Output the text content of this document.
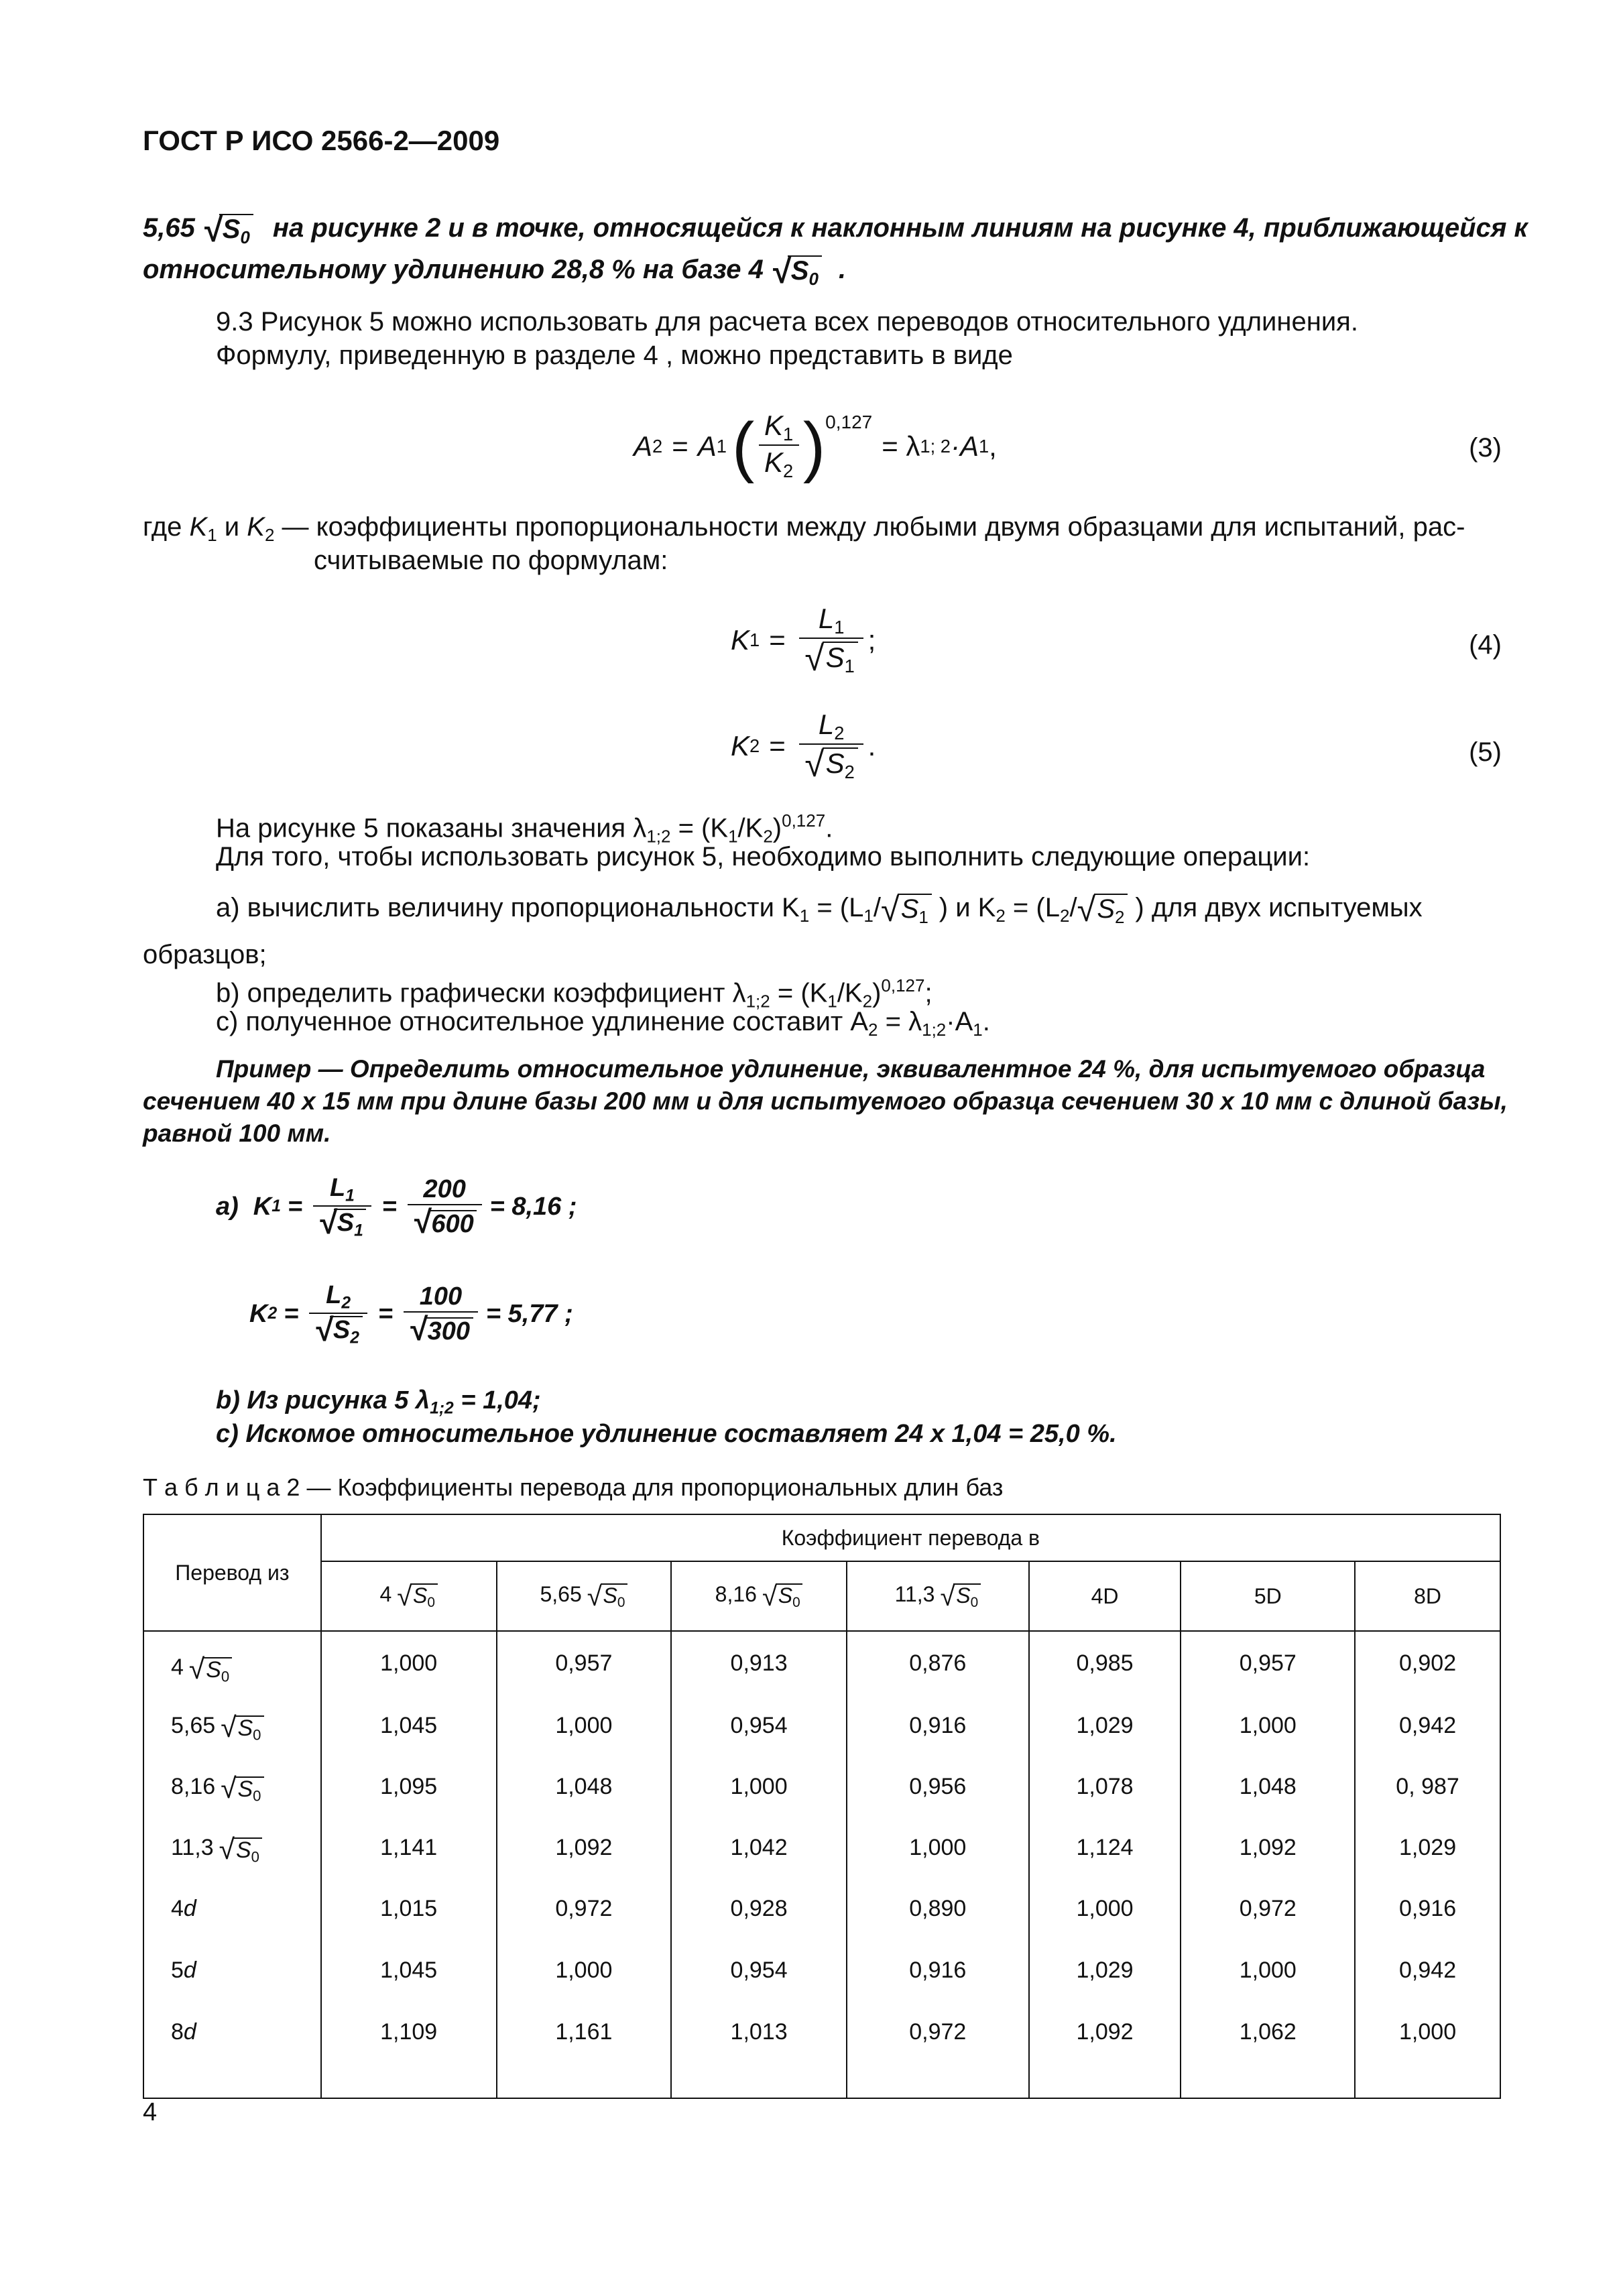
ГОСТ Р ИСО 2566-2—2009
5,65 √ $S_0$ на рисунке 2 и в точке, относящейся к наклонным линиям на рисунке 4, приближающейся к
относительному удлинению 28,8 % на базе 4 √ $S_0$ .
9.3 Рисунок 5 можно использовать для расчета всех переводов относительного удлинения.
Формулу, приведенную в разделе 4 , можно представить в виде
A 2 = A 1 ( $\frac{K_1}{K_2}$ ) 0,127
= λ 1; 2 ·A 1 ,	(3)
где $K_1$ и $K_2$ — коэффициенты пропорциональности между любыми двумя образцами для испытаний, рас-
считываемые по формулам:
K $1 = \frac{L_1}{√ S_1}$ ;	(4)
K $2 = \frac{L_2}{√ S_2}$ .	(5)
На рисунке 5 показаны значения $\lambda_{1;2} = (K_1/K_2)^{0,127}$.
Для того, чтобы использовать рисунок 5, необходимо выполнить следующие операции:
а) вычислить величину пропорциональности $K_1 = (L_1/$ √ $S_1$ ) и $K_2 = (L_2/$ √ $S_2$ ) для двух испытуемых
образцов;
b) определить графически коэффициент $\lambda_{1;2} = (K_1/K_2)^{0,127}$;
c) полученное относительное удлинение составит $A_2 = \lambda_{1;2}\cdot A_1$.
Пример — Определить относительное удлинение, эквивалентное 24 %, для испытуемого образца
сечением 40 х 15 мм при длине базы 200 мм и для испытуемого образца сечением 30 х 10 мм с длиной базы,
равной 100 мм.
а) K $1 = \frac{L_1}{√ S_1} = \frac{200}{√ 600} = 8,16$ ;
K $2 = \frac{L_2}{√ S_2} = \frac{100}{√ 300} = 5,77$ ;
b) Из рисунка 5 $\lambda_{1;2} = 1,04$;
c) Искомое относительное удлинение составляет 24 х 1,04 = 25,0 %.
Т а б л и ц а 2 — Коэффициенты перевода для пропорциональных длин баз
Перевод из	Коэффициент перевода в						
	4 √ $S_0$	5,65 √ $S_0$	8,16 √ $S_0$	11,3 √ $S_0$	4D	5D	8D
4 √ $S_0$	1,000	0,957	0,913	0,876	0,985	0,957	0,902
5,65 √ $S_0$	1,045	1,000	0,954	0,916	1,029	1,000	0,942
8,16 √ $S_0$	1,095	1,048	1,000	0,956	1,078	1,048	0, 987
11,3 √ $S_0$	1,141	1,092	1,042	1,000	1,124	1,092	1,029
4d	1,015	0,972	0,928	0,890	1,000	0,972	0,916
5d	1,045	1,000	0,954	0,916	1,029	1,000	0,942
8d	1,109	1,161	1,013	0,972	1,092	1,062	1,000
4
